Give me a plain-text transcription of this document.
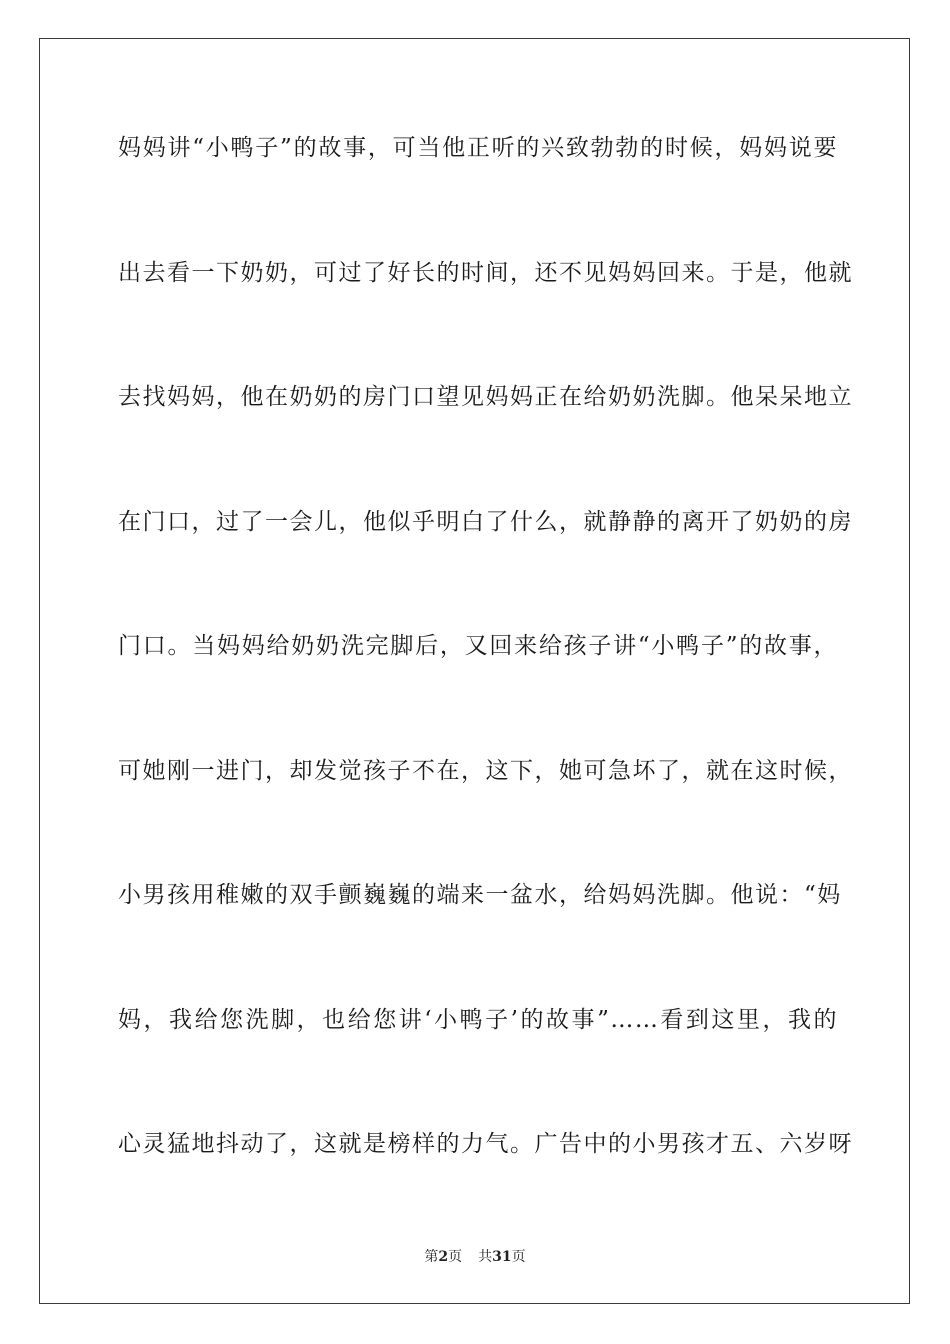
妈妈讲“小鸭子”的故事，可当他正听的兴致勃勃的时候，妈妈说要
出去看一下奶奶，可过了好长的时间，还不见妈妈回来。于是，他就
去找妈妈，他在奶奶的房门口望见妈妈正在给奶奶洗脚。他呆呆地立
在门口，过了一会儿，他似乎明白了什么，就静静的离开了奶奶的房
门口。当妈妈给奶奶洗完脚后，又回来给孩子讲“小鸭子”的故事，
可她刚一进门，却发觉孩子不在，这下，她可急坏了，就在这时候，
小男孩用稚嫩的双手颤巍巍的端来一盆水，给妈妈洗脚。他说：“妈
妈，我给您洗脚，也给您讲‘小鸭子’的故事”……看到这里，我的
心灵猛地抖动了，这就是榜样的力气。广告中的小男孩才五、六岁呀
第2页 共31页
